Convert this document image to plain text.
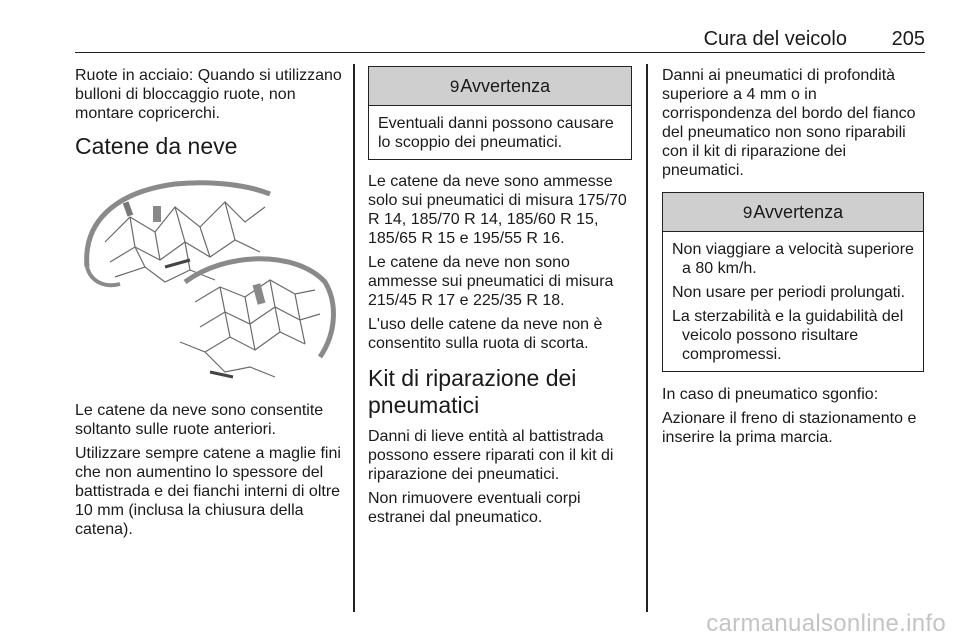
Cura del veicolo 205

Ruote in acciaio: Quando si utilizzano bulloni di bloccaggio ruote, non montare copricerchi.

Catene da neve

Le catene da neve sono consentite soltanto sulle ruote anteriori.

Utilizzare sempre catene a maglie fini che non aumentino lo spessore del battistrada e dei fianchi interni di oltre 10 mm (inclusa la chiusura della catena).

9Avvertenza

Eventuali danni possono causare lo scoppio dei pneumatici.

Le catene da neve sono ammesse solo sui pneumatici di misura 175/70 R 14, 185/70 R 14, 185/60 R 15, 185/65 R 15 e 195/55 R 16.

Le catene da neve non sono ammesse sui pneumatici di misura 215/45 R 17 e 225/35 R 18.

L'uso delle catene da neve non è consentito sulla ruota di scorta.

Kit di riparazione dei pneumatici

Danni di lieve entità al battistrada possono essere riparati con il kit di riparazione dei pneumatici.

Non rimuovere eventuali corpi estranei dal pneumatico.

Danni ai pneumatici di profondità superiore a 4 mm o in corrispondenza del bordo del fianco del pneumatico non sono riparabili con il kit di riparazione dei pneumatici.

9Avvertenza

Non viaggiare a velocità superiore a 80 km/h.

Non usare per periodi prolungati.

La sterzabilità e la guidabilità del veicolo possono risultare compromessi.

In caso di pneumatico sgonfio:

Azionare il freno di stazionamento e inserire la prima marcia.

carmanualsonline.info
